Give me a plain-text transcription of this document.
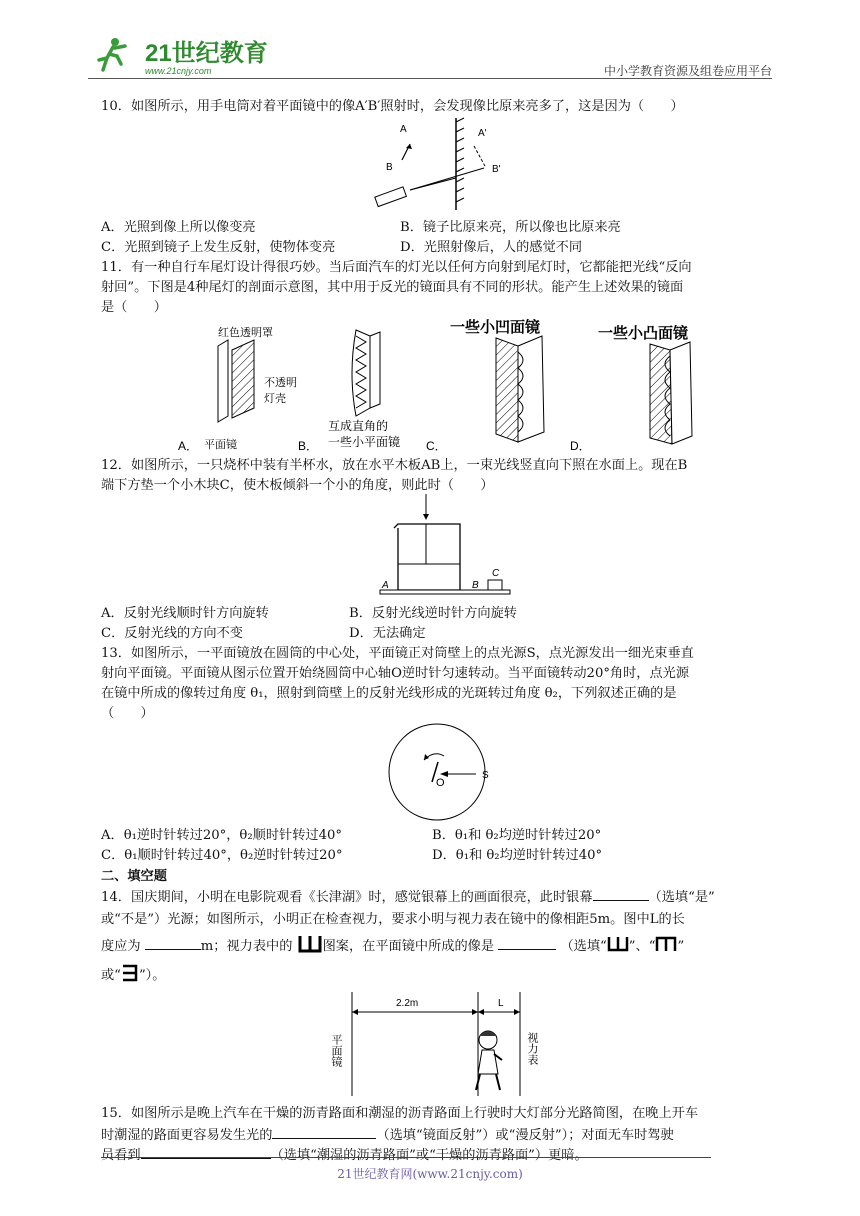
21世纪教育
www.21cnjy.com	中小学教育资源及组卷应用平台
10．如图所示，用手电筒对着平面镜中的像A′B′照射时，会发现像比原来亮多了，这是因为（　　）
A
B
A'
B'
A．光照到像上所以像变亮	B．镜子比原来亮，所以像也比原来亮
C．光照到镜子上发生反射，使物体变亮	D．光照射像后，人的感觉不同
11．有一种自行车尾灯设计得很巧妙。当后面汽车的灯光以任何方向射到尾灯时，它都能把光线“反向
射回”。下图是4种尾灯的剖面示意图，其中用于反光的镜面具有不同的形状。能产生上述效果的镜面
是（　　）
红色透明罩
不透明
灯壳
平面镜
A．
互成直角的
一些小平面镜
B．
一些小凹面镜
C．
一些小凸面镜
D．
12．如图所示，一只烧杯中装有半杯水，放在水平木板AB上，一束光线竖直向下照在水面上。现在B
端下方垫一个小木块C，使木板倾斜一个小的角度，则此时（　　）
A	B
C
A．反射光线顺时针方向旋转	B．反射光线逆时针方向旋转
C．反射光线的方向不变	D．无法确定
13．如图所示，一平面镜放在圆筒的中心处，平面镜正对筒壁上的点光源S，点光源发出一细光束垂直
射向平面镜。平面镜从图示位置开始绕圆筒中心轴O逆时针匀速转动。当平面镜转动20°角时，点光源
在镜中所成的像转过角度 θ₁，照射到筒壁上的反射光线形成的光斑转过角度 θ₂，下列叙述正确的是
（　　）
O
S
A．θ₁逆时针转过20°，θ₂顺时针转过40°	B．θ₁和 θ₂均逆时针转过20°
C．θ₁顺时针转过40°，θ₂逆时针转过20°	D．θ₁和 θ₂均逆时针转过40°
二、填空题
14．国庆期间，小明在电影院观看《长津湖》时，感觉银幕上的画面很亮，此时银幕	（选填“是”
或“不是”）光源；如图所示，小明正在检查视力，要求小明与视力表在镜中的像相距5m。图中L的长
度应为	m；视力表中的 图案，在平面镜中所成的像是	（选填“ ”、“ ”
或“ ”）。
2.2m	L
平面镜	视力表
15．如图所示是晚上汽车在干燥的沥青路面和潮湿的沥青路面上行驶时大灯部分光路简图，在晚上开车
时潮湿的路面更容易发生光的	（选填“镜面反射”）或“漫反射”）；对面无车时驾驶
员看到	（选填“潮湿的沥青路面”或“干燥的沥青路面”）更暗。
21世纪教育网(www.21cnjy.com)
